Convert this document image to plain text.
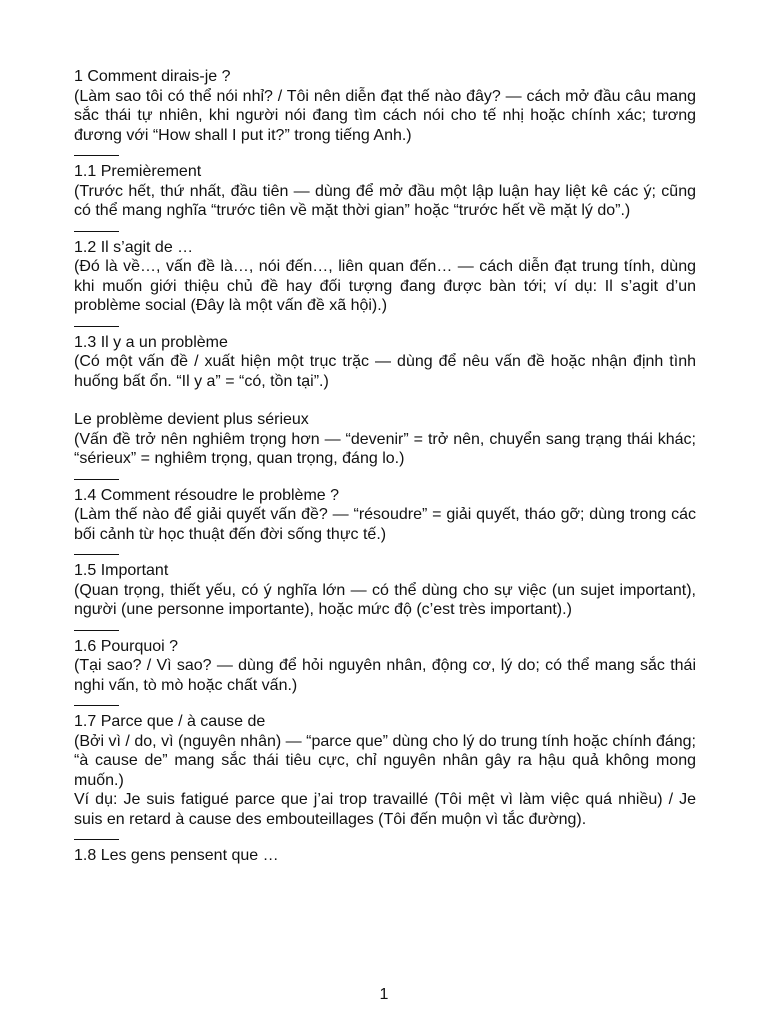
1 Comment dirais-je ?

(Làm sao tôi có thể nói nhỉ? / Tôi nên diễn đạt thế nào đây? — cách mở đầu câu mang sắc thái tự nhiên, khi người nói đang tìm cách nói cho tế nhị hoặc chính xác; tương đương với “How shall I put it?” trong tiếng Anh.)

1.1 Premièrement

(Trước hết, thứ nhất, đầu tiên — dùng để mở đầu một lập luận hay liệt kê các ý; cũng có thể mang nghĩa “trước tiên về mặt thời gian” hoặc “trước hết về mặt lý do”.)

1.2 Il s’agit de …

(Đó là về…, vấn đề là…, nói đến…, liên quan đến… — cách diễn đạt trung tính, dùng khi muốn giới thiệu chủ đề hay đối tượng đang được bàn tới; ví dụ: Il s’agit d’un problème social (Đây là một vấn đề xã hội).)

1.3 Il y a un problème

(Có một vấn đề / xuất hiện một trục trặc — dùng để nêu vấn đề hoặc nhận định tình huống bất ổn. “Il y a” = “có, tồn tại”.)

Le problème devient plus sérieux

(Vấn đề trở nên nghiêm trọng hơn — “devenir” = trở nên, chuyển sang trạng thái khác; “sérieux” = nghiêm trọng, quan trọng, đáng lo.)

1.4 Comment résoudre le problème ?

(Làm thế nào để giải quyết vấn đề? — “résoudre” = giải quyết, tháo gỡ; dùng trong các bối cảnh từ học thuật đến đời sống thực tế.)

1.5 Important

(Quan trọng, thiết yếu, có ý nghĩa lớn — có thể dùng cho sự việc (un sujet important), người (une personne importante), hoặc mức độ (c’est très important).)

1.6 Pourquoi ?

(Tại sao? / Vì sao? — dùng để hỏi nguyên nhân, động cơ, lý do; có thể mang sắc thái nghi vấn, tò mò hoặc chất vấn.)

1.7 Parce que / à cause de

(Bởi vì / do, vì (nguyên nhân) — “parce que” dùng cho lý do trung tính hoặc chính đáng; “à cause de” mang sắc thái tiêu cực, chỉ nguyên nhân gây ra hậu quả không mong muốn.)

Ví dụ: Je suis fatigué parce que j’ai trop travaillé (Tôi mệt vì làm việc quá nhiều) / Je suis en retard à cause des embouteillages (Tôi đến muộn vì tắc đường).

1.8 Les gens pensent que …

1
